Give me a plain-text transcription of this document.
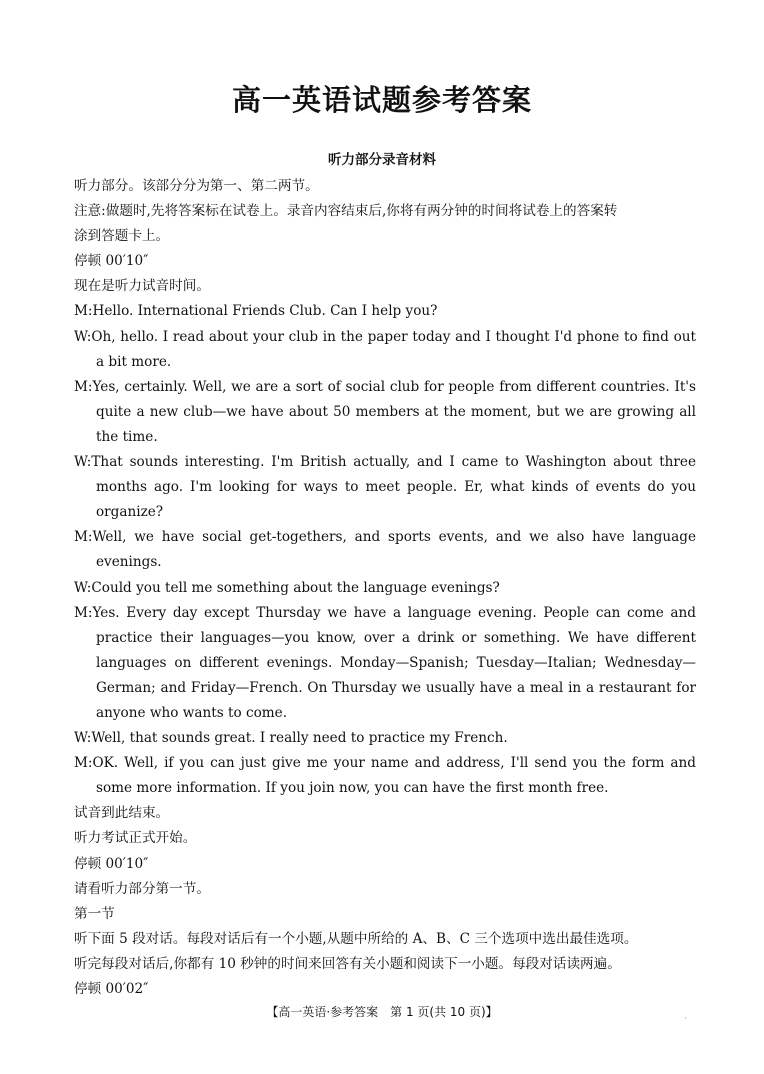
高一英语试题参考答案
听力部分录音材料
听力部分。该部分分为第一、第二两节。
注意:做题时,先将答案标在试卷上。录音内容结束后,你将有两分钟的时间将试卷上的答案转
涂到答题卡上。
停顿 00′10″
现在是听力试音时间。
M:Hello. International Friends Club. Can I help you?
W:Oh, hello. I read about your club in the paper today and I thought I'd phone to find out a bit more.
M:Yes, certainly. Well, we are a sort of social club for people from different countries. It's quite a new club—we have about 50 members at the moment, but we are growing all the time.
W:That sounds interesting. I'm British actually, and I came to Washington about three months ago. I'm looking for ways to meet people. Er, what kinds of events do you organize?
M:Well, we have social get-togethers, and sports events, and we also have language evenings.
W:Could you tell me something about the language evenings?
M:Yes. Every day except Thursday we have a language evening. People can come and practice their languages—you know, over a drink or something. We have different languages on different evenings. Monday—Spanish; Tuesday—Italian; Wednesday—German; and Friday—French. On Thursday we usually have a meal in a restaurant for anyone who wants to come.
W:Well, that sounds great. I really need to practice my French.
M:OK. Well, if you can just give me your name and address, I'll send you the form and some more information. If you join now, you can have the first month free.
试音到此结束。
听力考试正式开始。
停顿 00′10″
请看听力部分第一节。
第一节
听下面 5 段对话。每段对话后有一个小题,从题中所给的 A、B、C 三个选项中选出最佳选项。
听完每段对话后,你都有 10 秒钟的时间来回答有关小题和阅读下一小题。每段对话读两遍。
停顿 00′02″
【高一英语·参考答案　第 1 页(共 10 页)】	·
